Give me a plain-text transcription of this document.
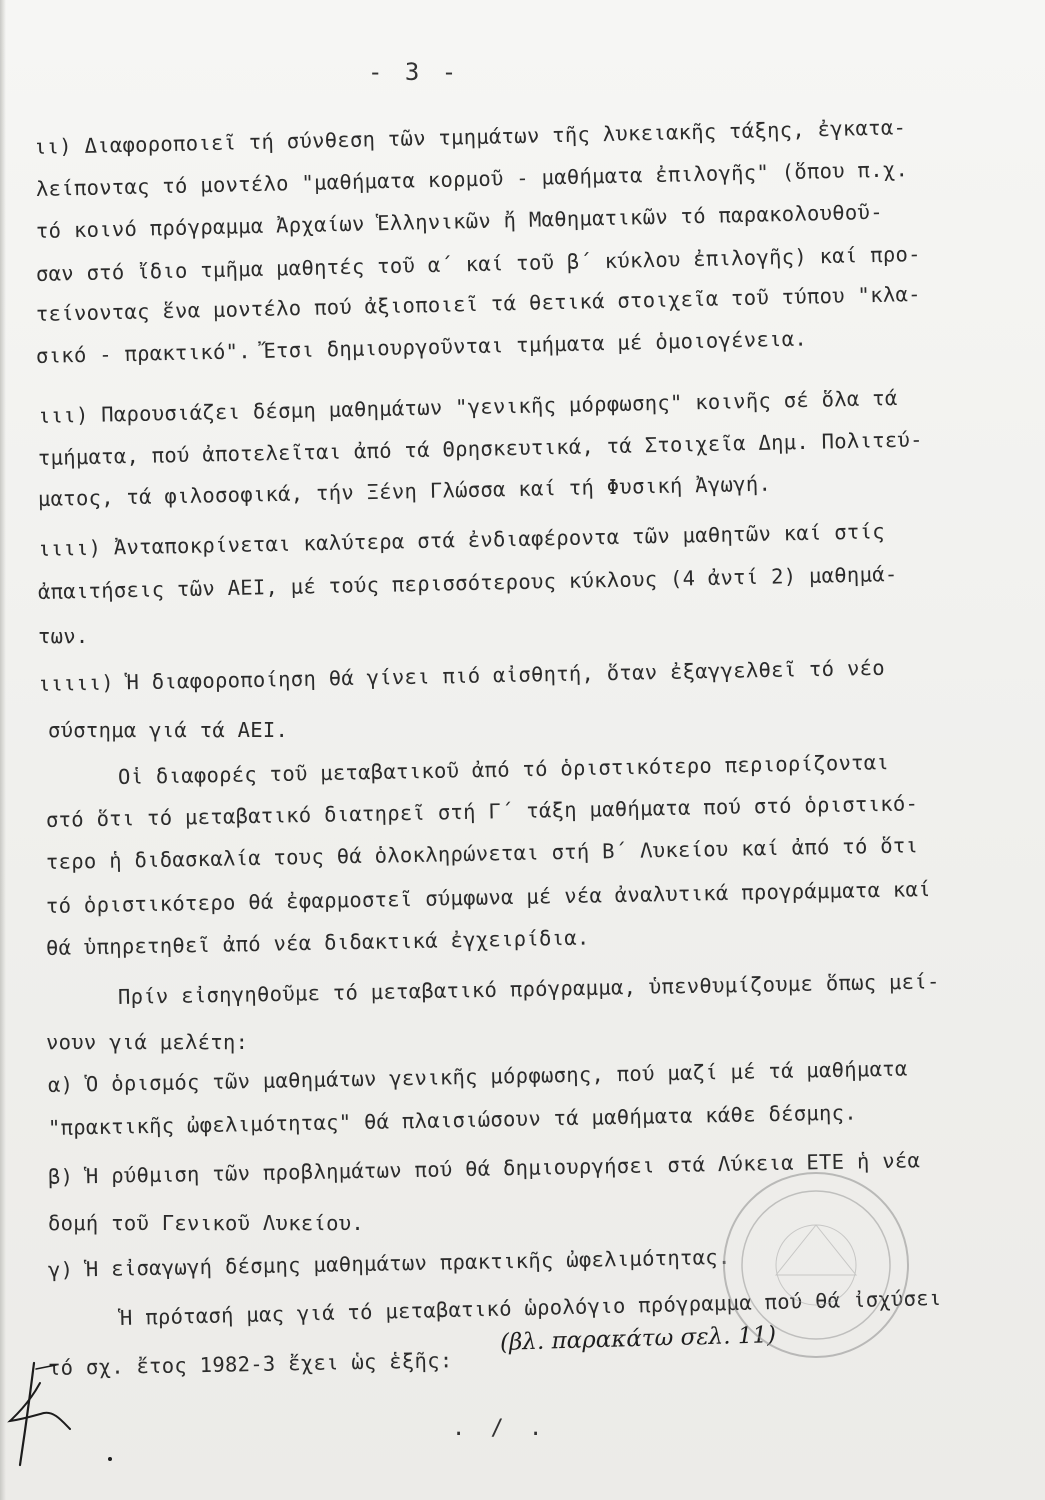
- 3 -
ιι) Διαφοροποιεῖ τή σύνθεση τῶν τμημάτων τῆς λυκειακῆς τάξης, ἐγκατα-
λείποντας τό μοντέλο "μαθήματα κορμοῦ - μαθήματα ἐπιλογῆς" (ὅπου π.χ.
τό κοινό πρόγραμμα Ἀρχαίων Ἑλληνικῶν ἤ Μαθηματικῶν τό παρακολουθοῦ-
σαν στό ἴδιο τμῆμα μαθητές τοῦ α´ καί τοῦ β´ κύκλου ἐπιλογῆς) καί προ-
τείνοντας ἕνα μοντέλο πού ἀξιοποιεῖ τά θετικά στοιχεῖα τοῦ τύπου "κλα-
σικό - πρακτικό". Ἔτσι δημιουργοῦνται τμήματα μέ ὁμοιογένεια.
ιιι) Παρουσιάζει δέσμη μαθημάτων "γενικῆς μόρφωσης" κοινῆς σέ ὅλα τά
τμήματα, πού ἀποτελεῖται ἀπό τά Θρησκευτικά, τά Στοιχεῖα Δημ. Πολιτεύ-
ματος, τά φιλοσοφικά, τήν Ξένη Γλώσσα καί τή Φυσική Ἀγωγή.
ιιιι) Ἀνταποκρίνεται καλύτερα στά ἐνδιαφέροντα τῶν μαθητῶν καί στίς
ἀπαιτήσεις τῶν ΑΕΙ, μέ τούς περισσότερους κύκλους (4 ἀντί 2) μαθημά-
των.
ιιιιι) Ἡ διαφοροποίηση θά γίνει πιό αἰσθητή, ὅταν ἐξαγγελθεῖ τό νέο
σύστημα γιά τά ΑΕΙ.
Οἱ διαφορές τοῦ μεταβατικοῦ ἀπό τό ὁριστικότερο περιορίζονται
στό ὅτι τό μεταβατικό διατηρεῖ στή Γ´ τάξη μαθήματα πού στό ὁριστικό-
τερο ἡ διδασκαλία τους θά ὁλοκληρώνεται στή Β´ Λυκείου καί ἀπό τό ὅτι
τό ὁριστικότερο θά ἐφαρμοστεῖ σύμφωνα μέ νέα ἀναλυτικά προγράμματα καί
θά ὑπηρετηθεῖ ἀπό νέα διδακτικά ἐγχειρίδια.
Πρίν εἰσηγηθοῦμε τό μεταβατικό πρόγραμμα, ὑπενθυμίζουμε ὅπως μεί-
νουν γιά μελέτη:
α) Ὁ ὁρισμός τῶν μαθημάτων γενικῆς μόρφωσης, πού μαζί μέ τά μαθήματα
"πρακτικῆς ὠφελιμότητας" θά πλαισιώσουν τά μαθήματα κάθε δέσμης.
β) Ἡ ρύθμιση τῶν προβλημάτων πού θά δημιουργήσει στά Λύκεια ΕΤΕ ἡ νέα
δομή τοῦ Γενικοῦ Λυκείου.
γ) Ἡ εἰσαγωγή δέσμης μαθημάτων πρακτικῆς ὠφελιμότητας.
Ἡ πρότασή μας γιά τό μεταβατικό ὡρολόγιο πρόγραμμα πού θά ἰσχύσει
τό σχ. ἔτος 1982-3 ἔχει ὡς ἑξῆς:
(βλ. παρακάτω σελ. 11)
. / .
